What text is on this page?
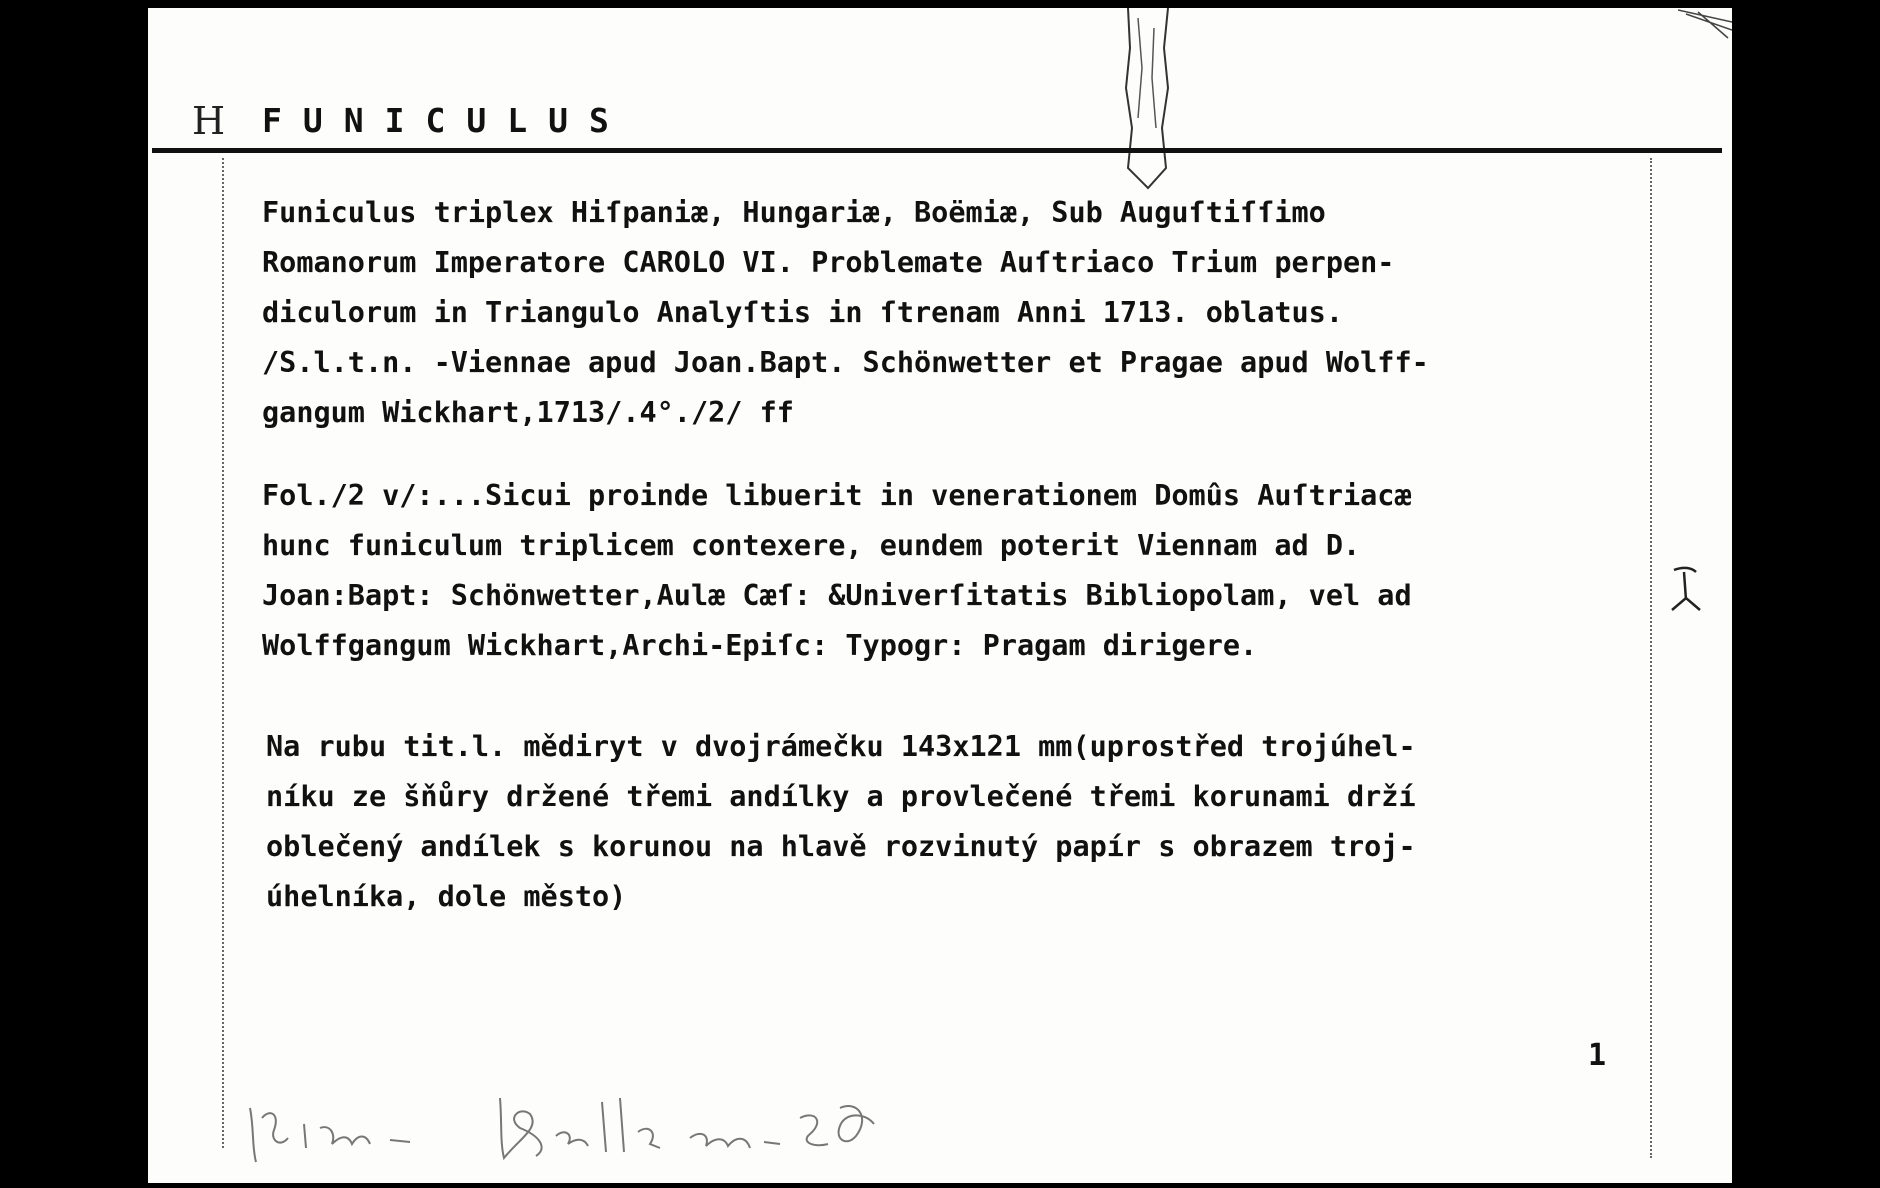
H FUNICULUS
Funiculus triplex Hiſpaniæ, Hungariæ, Boëmiæ, Sub Auguſtiſſimo
Romanorum Imperatore CAROLO VI. Problemate Auſtriaco Trium perpen-
diculorum in Triangulo Analyſtis in ſtrenam Anni 1713. oblatus.
/S.l.t.n. -Viennae apud Joan.Bapt. Schönwetter et Pragae apud Wolff-
gangum Wickhart,1713/.4°./2/ ff
Fol./2 v/:...Sicui proinde libuerit in venerationem Domûs Auſtriacæ
hunc funiculum triplicem contexere, eundem poterit Viennam ad D.
Joan:Bapt: Schönwetter,Aulæ Cæſ: &Univerſitatis Bibliopolam, vel ad
Wolffgangum Wickhart,Archi-Epiſc: Typogr: Pragam dirigere.
Na rubu tit.l. mědiryt v dvojrámečku 143x121 mm(uprostřed trojúhel-
níku ze šňůry držené třemi andílky a provlečené třemi korunami drží
oblečený andílek s korunou na hlavě rozvinutý papír s obrazem troj-
úhelníka, dole město)
1
